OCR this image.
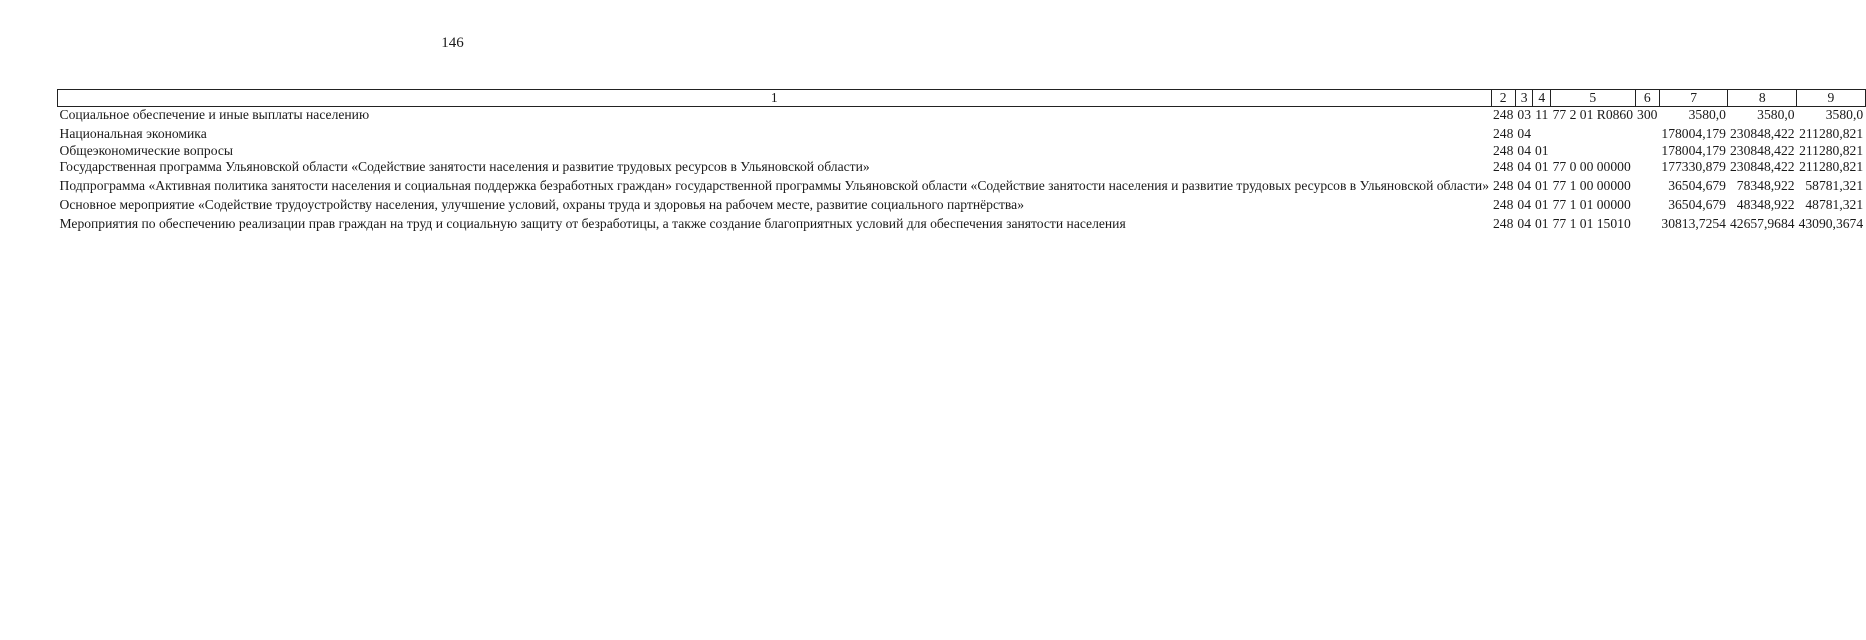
146
1	2	3	4	5	6	7	8	9
Социальное обеспечение и иные выплаты населению	248	03	11	77 2 01 R0860	300	3580,0	3580,0	3580,0
Национальная экономика	248	04				178004,179	230848,422	211280,821
Общеэкономические вопросы	248	04	01			178004,179	230848,422	211280,821
Государственная программа Ульяновской области «Содействие занятости населения и развитие трудовых ресурсов в Ульяновской области»	248	04	01	77 0 00 00000		177330,879	230848,422	211280,821
Подпрограмма «Активная политика занятости населения и социальная поддержка безработных граждан» государственной программы Ульяновской области «Содействие занятости населения и развитие трудовых ресурсов в Ульяновской области»	248	04	01	77 1 00 00000		36504,679	78348,922	58781,321
Основное мероприятие «Содействие трудоустройству населения, улучшение условий, охраны труда и здоровья на рабочем месте, развитие социального партнёрства»	248	04	01	77 1 01 00000		36504,679	48348,922	48781,321
Мероприятия по обеспечению реализации прав граждан на труд и социальную защиту от безработицы, а также создание благоприятных условий для обеспечения занятости населения	248	04	01	77 1 01 15010		30813,7254	42657,9684	43090,3674
